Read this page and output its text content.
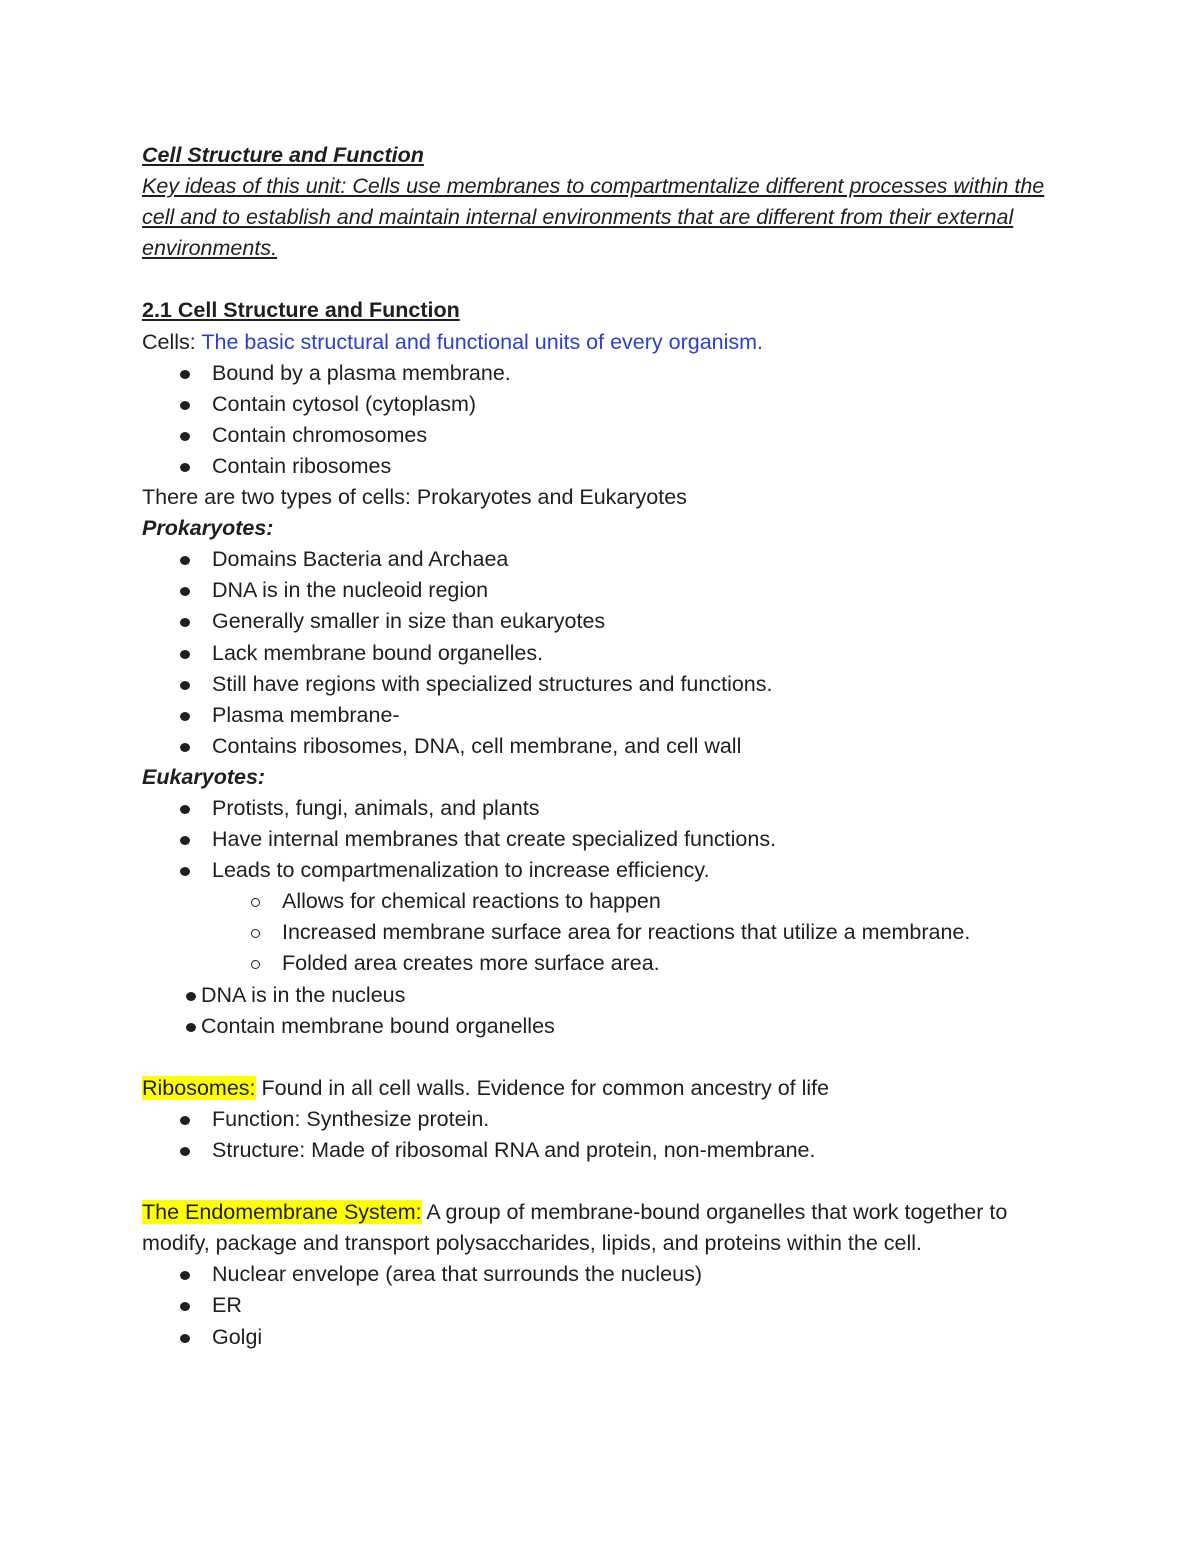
Cell Structure and Function
Key ideas of this unit: Cells use membranes to compartmentalize different processes within the cell and to establish and maintain internal environments that are different from their external environments.
2.1 Cell Structure and Function
Cells: The basic structural and functional units of every organism.
Bound by a plasma membrane.
Contain cytosol (cytoplasm)
Contain chromosomes
Contain ribosomes
There are two types of cells: Prokaryotes and Eukaryotes
Prokaryotes:
Domains Bacteria and Archaea
DNA is in the nucleoid region
Generally smaller in size than eukaryotes
Lack membrane bound organelles.
Still have regions with specialized structures and functions.
Plasma membrane-
Contains ribosomes, DNA, cell membrane, and cell wall
Eukaryotes:
Protists, fungi, animals, and plants
Have internal membranes that create specialized functions.
Leads to compartmenalization to increase efficiency.
Allows for chemical reactions to happen
Increased membrane surface area for reactions that utilize a membrane.
Folded area creates more surface area.
DNA is in the nucleus
Contain membrane bound organelles
Ribosomes: Found in all cell walls. Evidence for common ancestry of life
Function: Synthesize protein.
Structure: Made of ribosomal RNA and protein, non-membrane.
The Endomembrane System: A group of membrane-bound organelles that work together to modify, package and transport polysaccharides, lipids, and proteins within the cell.
Nuclear envelope (area that surrounds the nucleus)
ER
Golgi
